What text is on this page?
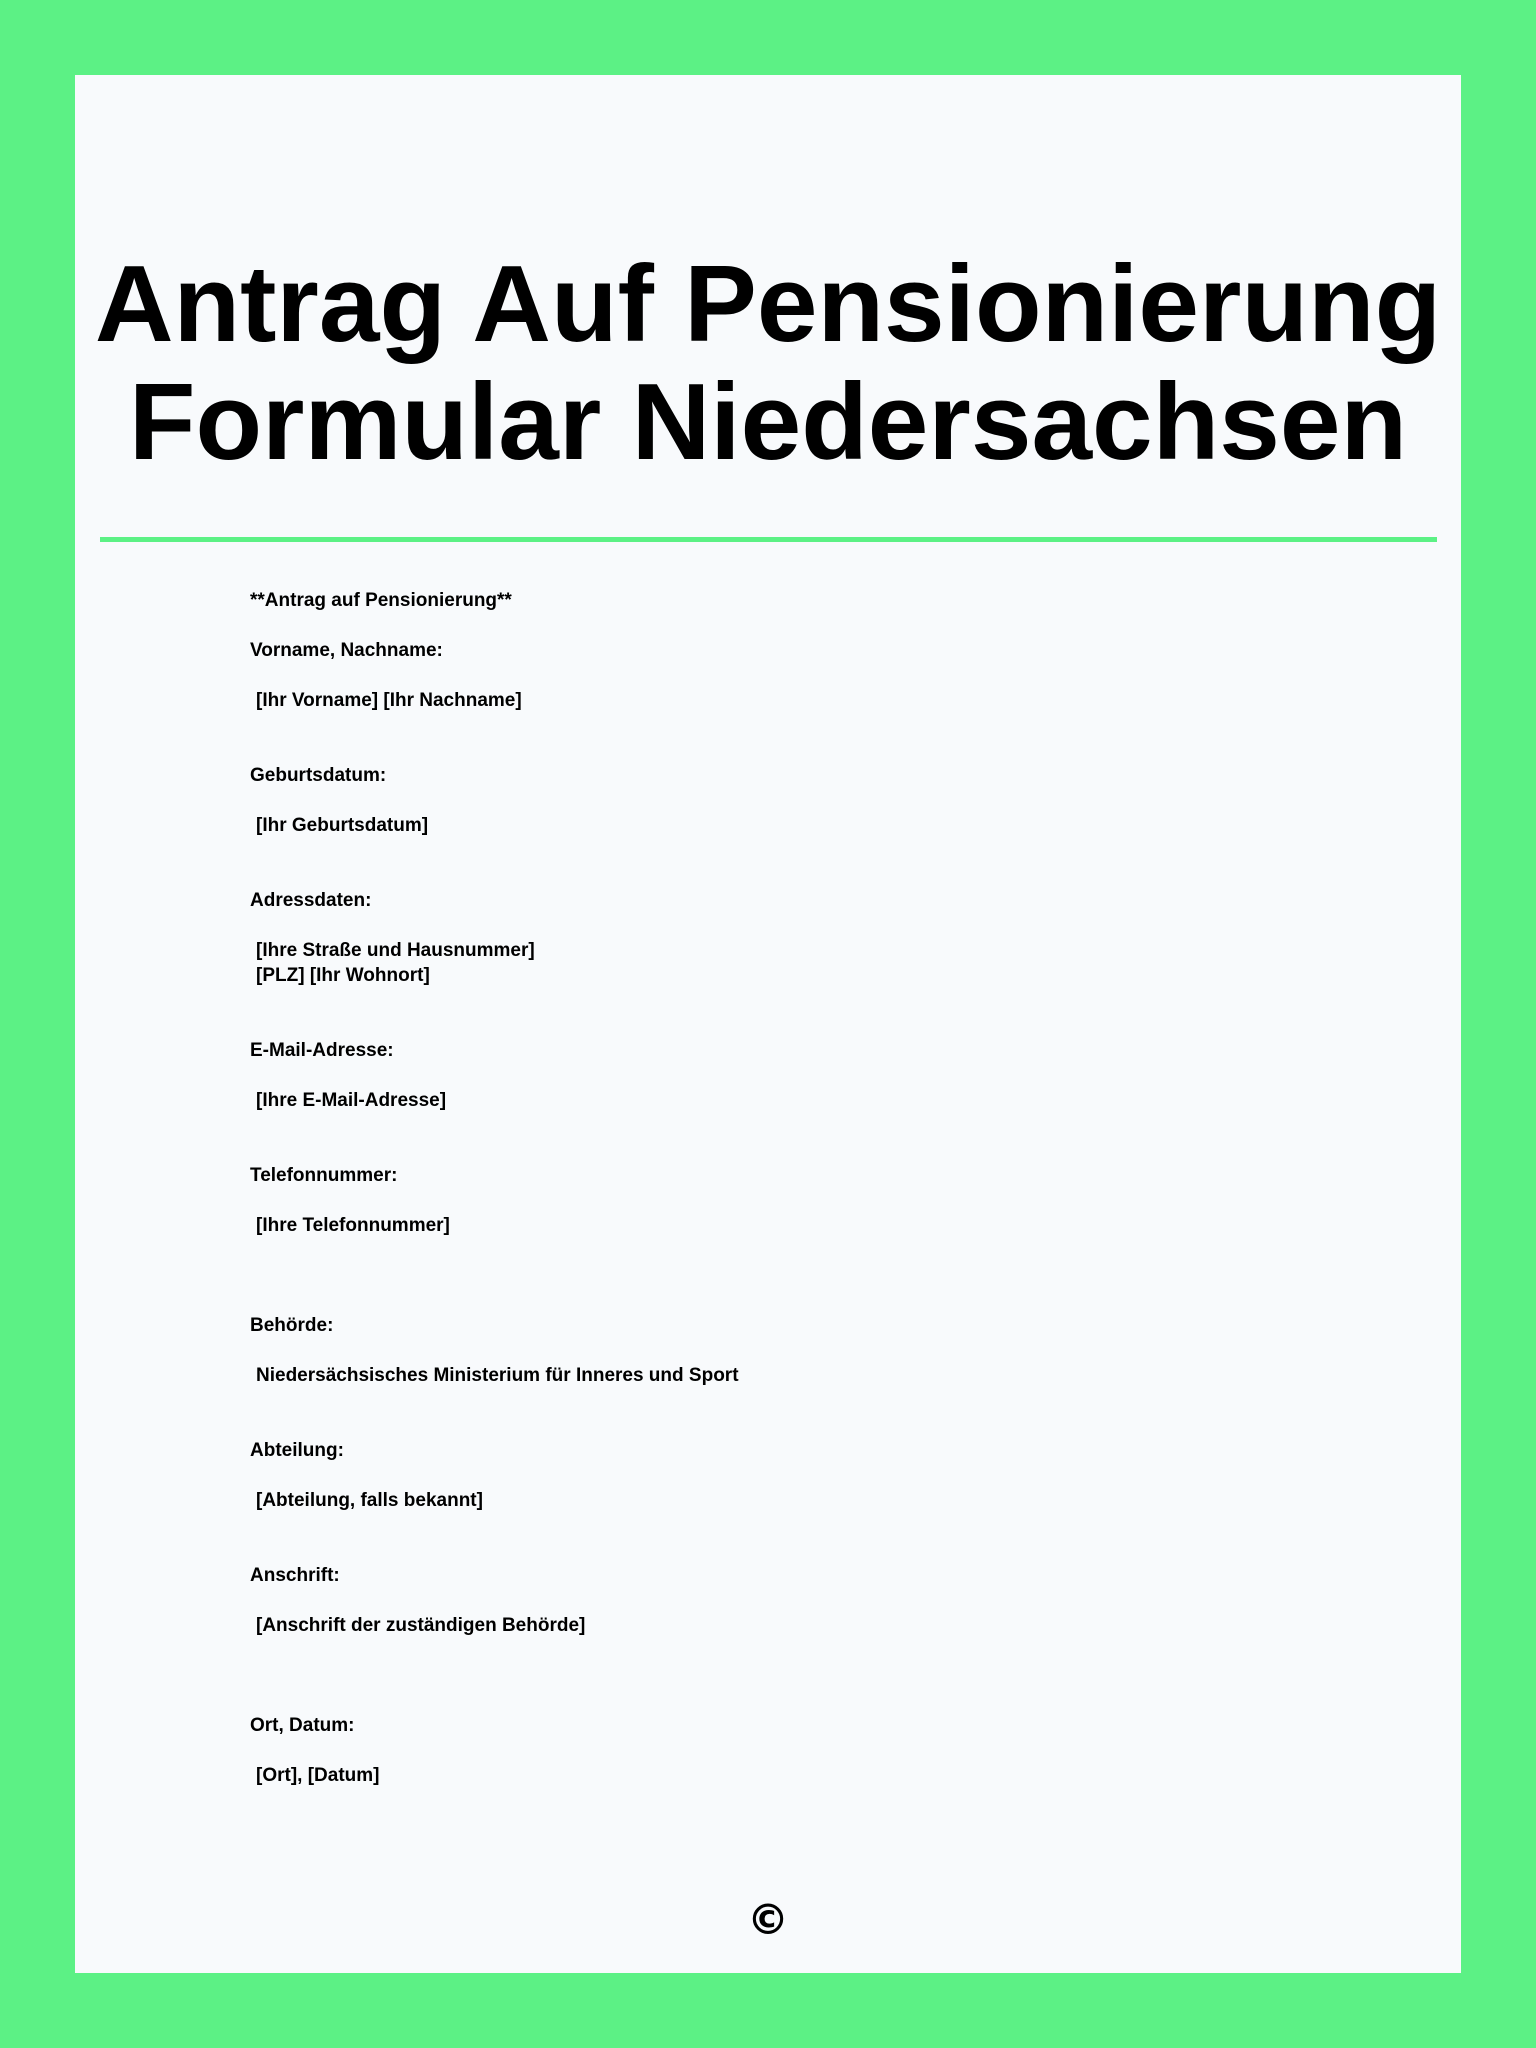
Antrag Auf Pensionierung
Formular Niedersachsen
**Antrag auf Pensionierung**
Vorname, Nachname:
[Ihr Vorname] [Ihr Nachname]
Geburtsdatum:
[Ihr Geburtsdatum]
Adressdaten:
[Ihre Straße und Hausnummer]
[PLZ] [Ihr Wohnort]
E-Mail-Adresse:
[Ihre E-Mail-Adresse]
Telefonnummer:
[Ihre Telefonnummer]
Behörde:
Niedersächsisches Ministerium für Inneres und Sport
Abteilung:
[Abteilung, falls bekannt]
Anschrift:
[Anschrift der zuständigen Behörde]
Ort, Datum:
[Ort], [Datum]
©
